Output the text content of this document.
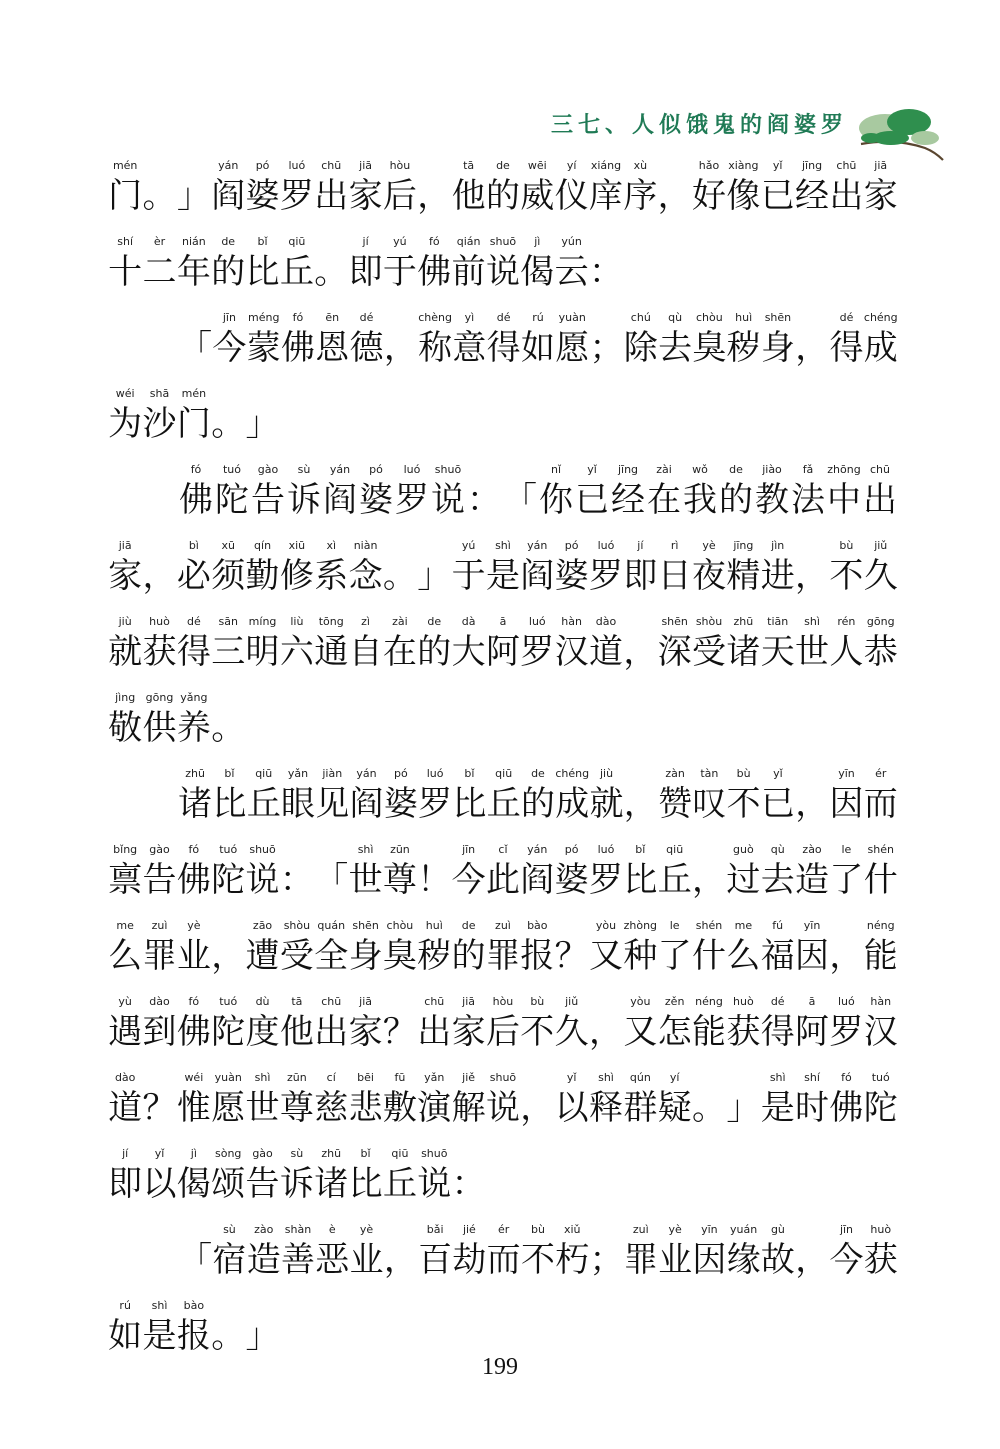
三七、人似饿鬼的阎婆罗
mén
门 。 」
yán
阎
pó
婆
luó
罗
chū
出
jiā
家
hòu
后 ，
tā
他
de
的
wēi
威
yí
仪
xiáng
庠
xù
序 ，
hǎo
好
xiàng
像
yǐ
已
jīng
经
chū
出
jiā
家
shí
十
èr
二
nián
年
de
的
bǐ
比
qiū
丘 。
jí
即
yú
于
fó
佛
qián
前
shuō
说
jì
偈
yún
云 ：
「
jīn
今
méng
蒙
fó
佛
ēn
恩
dé
德 ，
chèng
称
yì
意
dé
得
rú
如
yuàn
愿 ；
chú
除
qù
去
chòu
臭
huì
秽
shēn
身 ，
dé
得
chéng
成
wéi
为
shā
沙
mén
门 。 」
fó
佛
tuó
陀
gào
告
sù
诉
yán
阎
pó
婆
luó
罗
shuō
说 ： 「
nǐ
你
yǐ
已
jīng
经
zài
在
wǒ
我
de
的
jiào
教
fǎ
法
zhōng
中
chū
出
jiā
家 ，
bì
必
xū
须
qín
勤
xiū
修
xì
系
niàn
念 。 」
yú
于
shì
是
yán
阎
pó
婆
luó
罗
jí
即
rì
日
yè
夜
jīng
精
jìn
进 ，
bù
不
jiǔ
久
jiù
就
huò
获
dé
得
sān
三
míng
明
liù
六
tōng
通
zì
自
zài
在
de
的
dà
大
ā
阿
luó
罗
hàn
汉
dào
道 ，
shēn
深
shòu
受
zhū
诸
tiān
天
shì
世
rén
人
gōng
恭
jìng
敬
gōng
供
yǎng
养 。
zhū
诸
bǐ
比
qiū
丘
yǎn
眼
jiàn
见
yán
阎
pó
婆
luó
罗
bǐ
比
qiū
丘
de
的
chéng
成
jiù
就 ，
zàn
赞
tàn
叹
bù
不
yǐ
已 ，
yīn
因
ér
而
bǐng
禀
gào
告
fó
佛
tuó
陀
shuō
说 ： 「
shì
世
zūn
尊 ！
jīn
今
cǐ
此
yán
阎
pó
婆
luó
罗
bǐ
比
qiū
丘 ，
guò
过
qù
去
zào
造
le
了
shén
什
me
么
zuì
罪
yè
业 ，
zāo
遭
shòu
受
quán
全
shēn
身
chòu
臭
huì
秽
de
的
zuì
罪
bào
报 ？
yòu
又
zhòng
种
le
了
shén
什
me
么
fú
福
yīn
因 ，
néng
能
yù
遇
dào
到
fó
佛
tuó
陀
dù
度
tā
他
chū
出
jiā
家 ？
chū
出
jiā
家
hòu
后
bù
不
jiǔ
久 ，
yòu
又
zěn
怎
néng
能
huò
获
dé
得
ā
阿
luó
罗
hàn
汉
dào
道 ？
wéi
惟
yuàn
愿
shì
世
zūn
尊
cí
慈
bēi
悲
fū
敷
yǎn
演
jiě
解
shuō
说 ，
yǐ
以
shì
释
qún
群
yí
疑 。 」
shì
是
shí
时
fó
佛
tuó
陀
jí
即
yǐ
以
jì
偈
sòng
颂
gào
告
sù
诉
zhū
诸
bǐ
比
qiū
丘
shuō
说 ：
「
sù
宿
zào
造
shàn
善
è
恶
yè
业 ，
bǎi
百
jié
劫
ér
而
bù
不
xiǔ
朽 ；
zuì
罪
yè
业
yīn
因
yuán
缘
gù
故 ，
jīn
今
huò
获
rú
如
shì
是
bào
报 。 」
199
